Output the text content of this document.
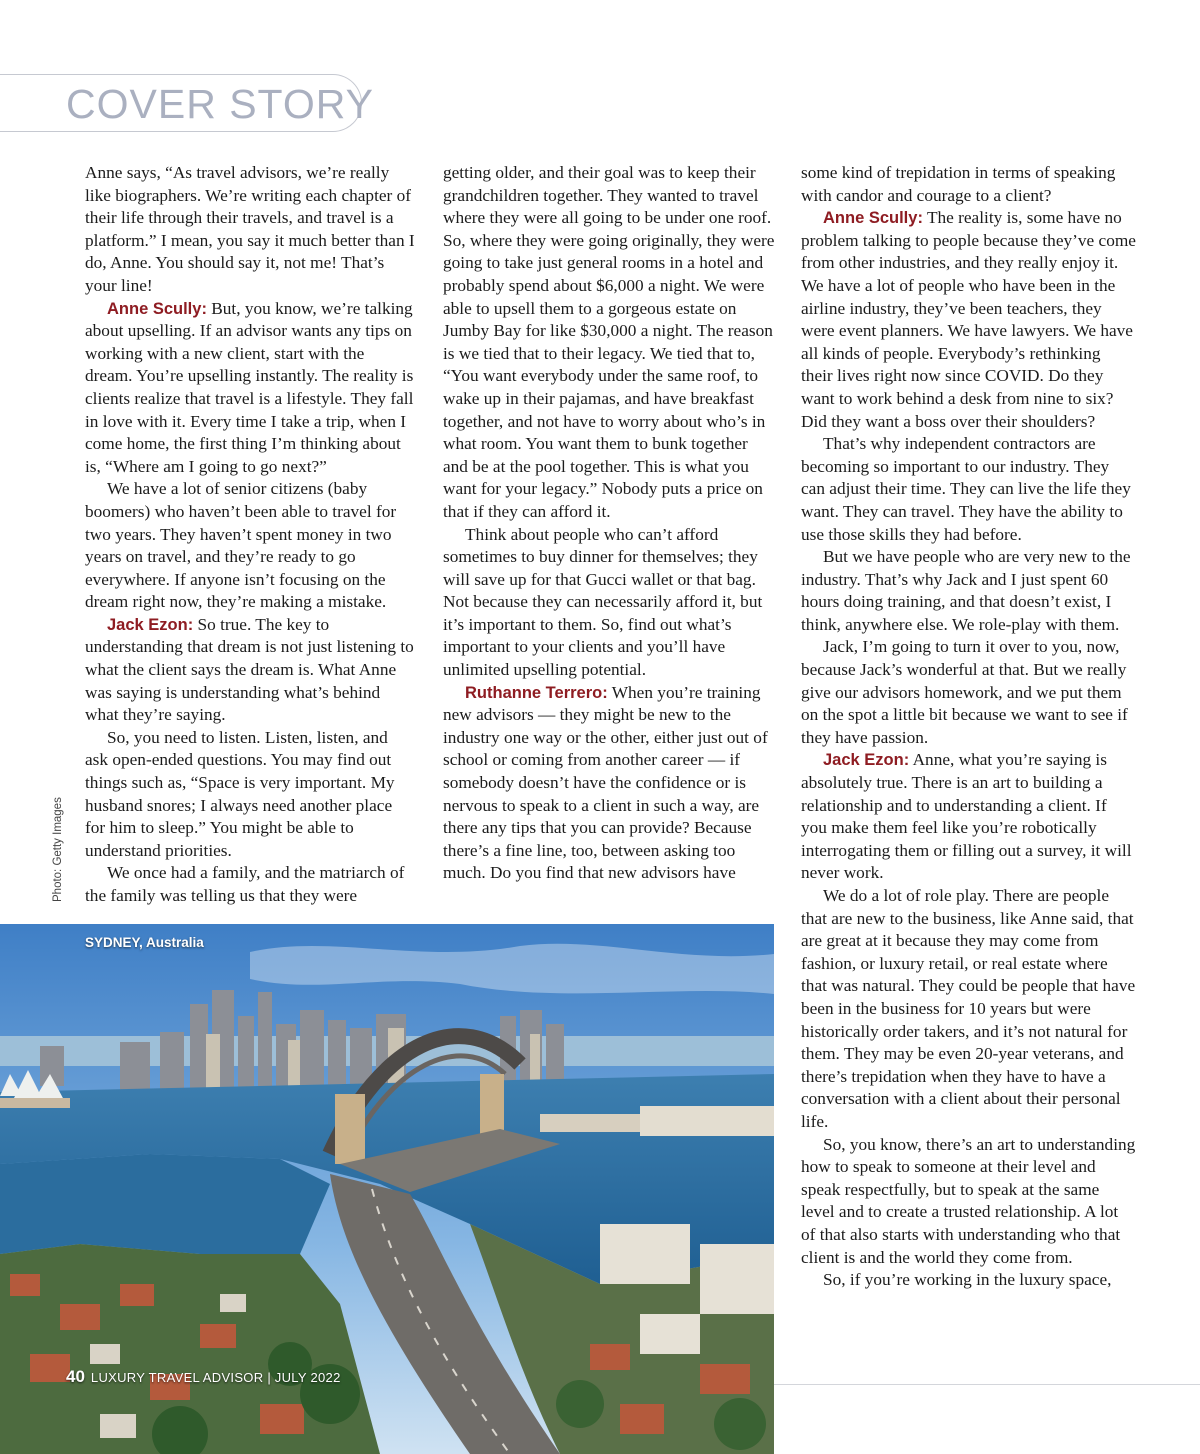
COVER STORY

Anne says, “As travel advisors, we’re really like biographers. We’re writing each chapter of their life through their travels, and travel is a platform.” I mean, you say it much better than I do, Anne. You should say it, not me! That’s your line!

Anne Scully: But, you know, we’re talking about upselling. If an advisor wants any tips on working with a new client, start with the dream. You’re upselling instantly. The reality is clients realize that travel is a lifestyle. They fall in love with it. Every time I take a trip, when I come home, the first thing I’m thinking about is, “Where am I going to go next?”

We have a lot of senior citizens (baby boomers) who haven’t been able to travel for two years. They haven’t spent money in two years on travel, and they’re ready to go everywhere. If anyone isn’t focusing on the dream right now, they’re making a mistake.

Jack Ezon: So true. The key to understanding that dream is not just listening to what the client says the dream is. What Anne was saying is understanding what’s behind what they’re saying.

So, you need to listen. Listen, listen, and ask open-ended questions. You may find out things such as, “Space is very important. My husband snores; I always need another place for him to sleep.” You might be able to understand priorities.

We once had a family, and the matriarch of the family was telling us that they were

getting older, and their goal was to keep their grandchildren together. They wanted to travel where they were all going to be under one roof. So, where they were going originally, they were going to take just general rooms in a hotel and probably spend about $6,000 a night. We were able to upsell them to a gorgeous estate on Jumby Bay for like $30,000 a night. The reason is we tied that to their legacy. We tied that to, “You want everybody under the same roof, to wake up in their pajamas, and have breakfast together, and not have to worry about who’s in what room. You want them to bunk together and be at the pool together. This is what you want for your legacy.” Nobody puts a price on that if they can afford it.

Think about people who can’t afford sometimes to buy dinner for themselves; they will save up for that Gucci wallet or that bag. Not because they can necessarily afford it, but it’s important to them. So, find out what’s important to your clients and you’ll have unlimited upselling potential.

Ruthanne Terrero: When you’re training new advisors — they might be new to the industry one way or the other, either just out of school or coming from another career — if somebody doesn’t have the confidence or is nervous to speak to a client in such a way, are there any tips that you can provide? Because there’s a fine line, too, between asking too much. Do you find that new advisors have

some kind of trepidation in terms of speaking with candor and courage to a client?

Anne Scully: The reality is, some have no problem talking to people because they’ve come from other industries, and they really enjoy it. We have a lot of people who have been in the airline industry, they’ve been teachers, they were event planners. We have lawyers. We have all kinds of people. Everybody’s rethinking their lives right now since COVID. Do they want to work behind a desk from nine to six? Did they want a boss over their shoulders?

That’s why independent contractors are becoming so important to our industry. They can adjust their time. They can live the life they want. They can travel. They have the ability to use those skills they had before.

But we have people who are very new to the industry. That’s why Jack and I just spent 60 hours doing training, and that doesn’t exist, I think, anywhere else. We role-play with them.

Jack, I’m going to turn it over to you, now, because Jack’s wonderful at that. But we really give our advisors homework, and we put them on the spot a little bit because we want to see if they have passion.

Jack Ezon: Anne, what you’re saying is absolutely true. There is an art to building a relationship and to understanding a client. If you make them feel like you’re robotically interrogating them or filling out a survey, it will never work.

We do a lot of role play. There are people that are new to the business, like Anne said, that are great at it because they may come from fashion, or luxury retail, or real estate where that was natural. They could be people that have been in the business for 10 years but were historically order takers, and it’s not natural for them. They may be even 20-year veterans, and there’s trepidation when they have to have a conversation with a client about their personal life.

So, you know, there’s an art to understanding how to speak to someone at their level and speak respectfully, but to speak at the same level and to create a trusted relationship. A lot of that also starts with understanding who that client is and the world they come from.

So, if you’re working in the luxury space,

Photo: Getty Images
SYDNEY, Australia
40 LUXURY TRAVEL ADVISOR | JULY 2022
